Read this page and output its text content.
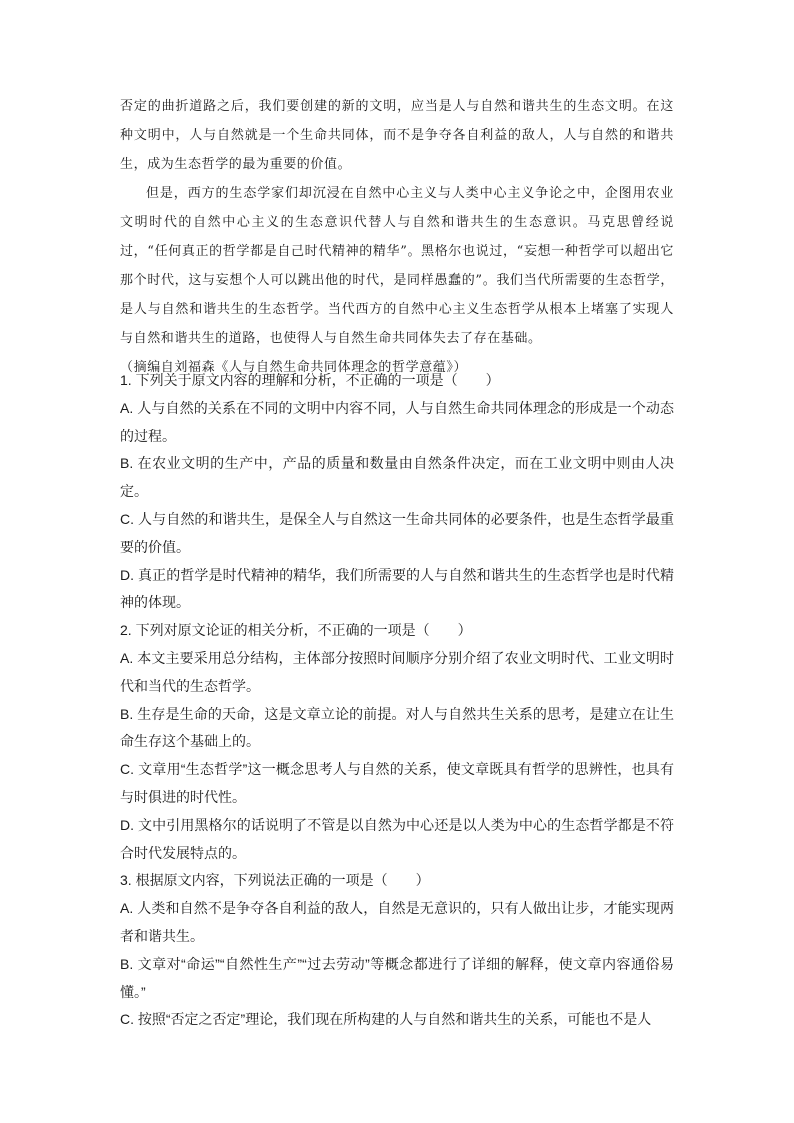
否定的曲折道路之后，我们要创建的新的文明，应当是人与自然和谐共生的生态文明。在这种文明中，人与自然就是一个生命共同体，而不是争夺各自利益的敌人，人与自然的和谐共生，成为生态哲学的最为重要的价值。

但是，西方的生态学家们却沉浸在自然中心主义与人类中心主义争论之中，企图用农业文明时代的自然中心主义的生态意识代替人与自然和谐共生的生态意识。马克思曾经说过，“任何真正的哲学都是自己时代精神的精华”。黑格尔也说过，“妄想一种哲学可以超出它那个时代，这与妄想个人可以跳出他的时代，是同样愚蠢的”。我们当代所需要的生态哲学，是人与自然和谐共生的生态哲学。当代西方的自然中心主义生态哲学从根本上堵塞了实现人与自然和谐共生的道路，也使得人与自然生命共同体失去了存在基础。

（摘编自刘福森《人与自然生命共同体理念的哲学意蕴》）

1. 下列关于原文内容的理解和分析，不正确的一项是（　　）

A. 人与自然的关系在不同的文明中内容不同，人与自然生命共同体理念的形成是一个动态的过程。

B. 在农业文明的生产中，产品的质量和数量由自然条件决定，而在工业文明中则由人决定。

C. 人与自然的和谐共生，是保全人与自然这一生命共同体的必要条件，也是生态哲学最重要的价值。

D. 真正的哲学是时代精神的精华，我们所需要的人与自然和谐共生的生态哲学也是时代精神的体现。

2. 下列对原文论证的相关分析，不正确的一项是（　　）

A. 本文主要采用总分结构，主体部分按照时间顺序分别介绍了农业文明时代、工业文明时代和当代的生态哲学。

B. 生存是生命的天命，这是文章立论的前提。对人与自然共生关系的思考，是建立在让生命生存这个基础上的。

C. 文章用“生态哲学”这一概念思考人与自然的关系，使文章既具有哲学的思辨性，也具有与时俱进的时代性。

D. 文中引用黑格尔的话说明了不管是以自然为中心还是以人类为中心的生态哲学都是不符合时代发展特点的。

3. 根据原文内容，下列说法正确的一项是（　　）

A. 人类和自然不是争夺各自利益的敌人，自然是无意识的，只有人做出让步，才能实现两者和谐共生。

B. 文章对“命运”“自然性生产”“过去劳动”等概念都进行了详细的解释，使文章内容通俗易懂。”

C. 按照“否定之否定”理论，我们现在所构建的人与自然和谐共生的关系，可能也不是人
